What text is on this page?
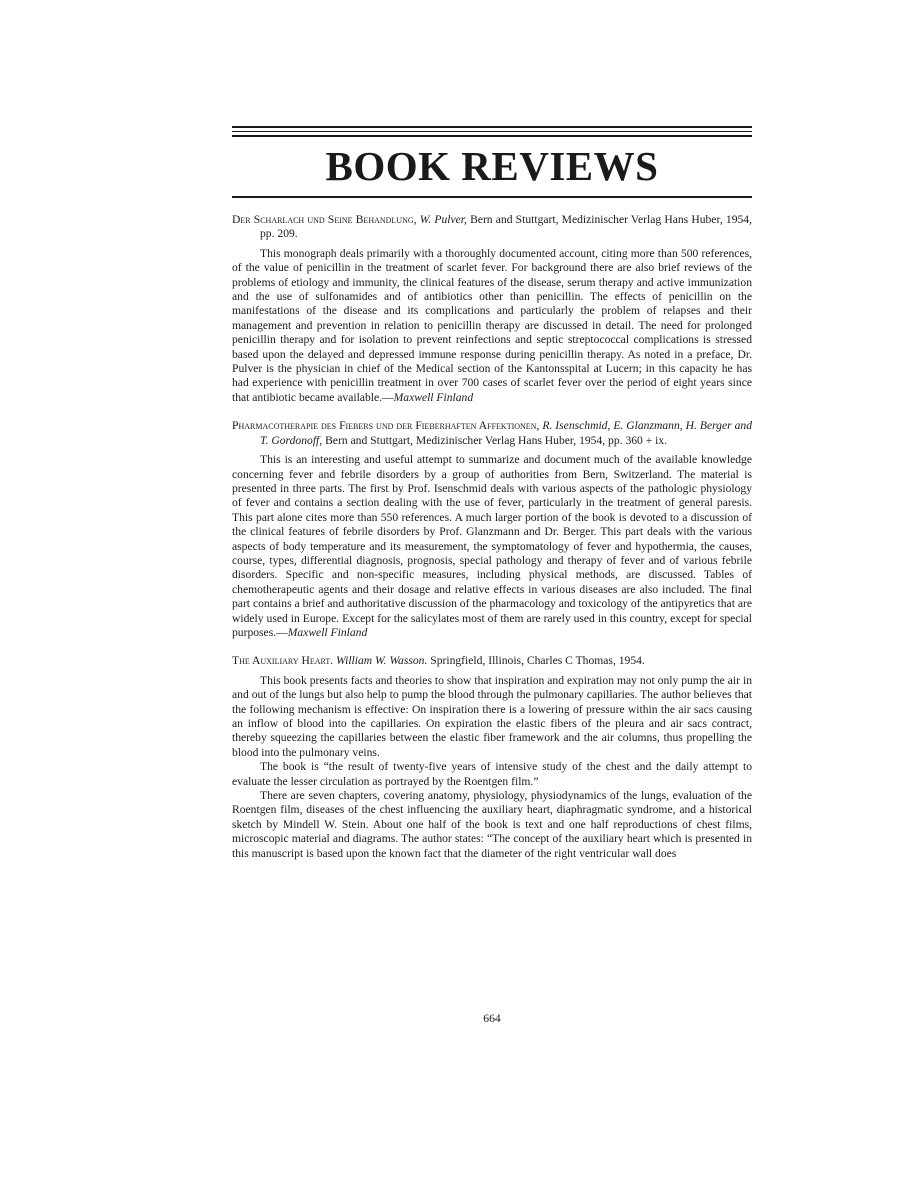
BOOK REVIEWS

Der Scharlach und Seine Behandlung, W. Pulver, Bern and Stuttgart, Medizinischer Verlag Hans Huber, 1954, pp. 209.

This monograph deals primarily with a thoroughly documented account, citing more than 500 references, of the value of penicillin in the treatment of scarlet fever. For background there are also brief reviews of the problems of etiology and immunity, the clinical features of the disease, serum therapy and active immunization and the use of sulfonamides and of antibiotics other than penicillin. The effects of penicillin on the manifestations of the disease and its complications and particularly the problem of relapses and their management and prevention in relation to penicillin therapy are discussed in detail. The need for prolonged penicillin therapy and for isolation to prevent reinfections and septic streptococcal complications is stressed based upon the delayed and depressed immune response during penicillin therapy. As noted in a preface, Dr. Pulver is the physician in chief of the Medical section of the Kantonsspital at Lucern; in this capacity he has had experience with penicillin treatment in over 700 cases of scarlet fever over the period of eight years since that antibiotic became available.—Maxwell Finland

Pharmacotherapie des Fiebers und der Fieberhaften Affektionen, R. Isenschmid, E. Glanzmann, H. Berger and T. Gordonoff, Bern and Stuttgart, Medizinischer Verlag Hans Huber, 1954, pp. 360 + ix.

This is an interesting and useful attempt to summarize and document much of the available knowledge concerning fever and febrile disorders by a group of authorities from Bern, Switzerland. The material is presented in three parts. The first by Prof. Isenschmid deals with various aspects of the pathologic physiology of fever and contains a section dealing with the use of fever, particularly in the treatment of general paresis. This part alone cites more than 550 references. A much larger portion of the book is devoted to a discussion of the clinical features of febrile disorders by Prof. Glanzmann and Dr. Berger. This part deals with the various aspects of body temperature and its measurement, the symptomatology of fever and hypothermia, the causes, course, types, differential diagnosis, prognosis, special pathology and therapy of fever and of various febrile disorders. Specific and non-specific measures, including physical methods, are discussed. Tables of chemotherapeutic agents and their dosage and relative effects in various diseases are also included. The final part contains a brief and authoritative discussion of the pharmacology and toxicology of the antipyretics that are widely used in Europe. Except for the salicylates most of them are rarely used in this country, except for special purposes.—Maxwell Finland

The Auxiliary Heart. William W. Wasson. Springfield, Illinois, Charles C Thomas, 1954.

This book presents facts and theories to show that inspiration and expiration may not only pump the air in and out of the lungs but also help to pump the blood through the pulmonary capillaries. The author believes that the following mechanism is effective: On inspiration there is a lowering of pressure within the air sacs causing an inflow of blood into the capillaries. On expiration the elastic fibers of the pleura and air sacs contract, thereby squeezing the capillaries between the elastic fiber framework and the air columns, thus propelling the blood into the pulmonary veins.

The book is “the result of twenty-five years of intensive study of the chest and the daily attempt to evaluate the lesser circulation as portrayed by the Roentgen film.”

There are seven chapters, covering anatomy, physiology, physiodynamics of the lungs, evaluation of the Roentgen film, diseases of the chest influencing the auxiliary heart, diaphragmatic syndrome, and a historical sketch by Mindell W. Stein. About one half of the book is text and one half reproductions of chest films, microscopic material and diagrams. The author states: “The concept of the auxiliary heart which is presented in this manuscript is based upon the known fact that the diameter of the right ventricular wall does

664
